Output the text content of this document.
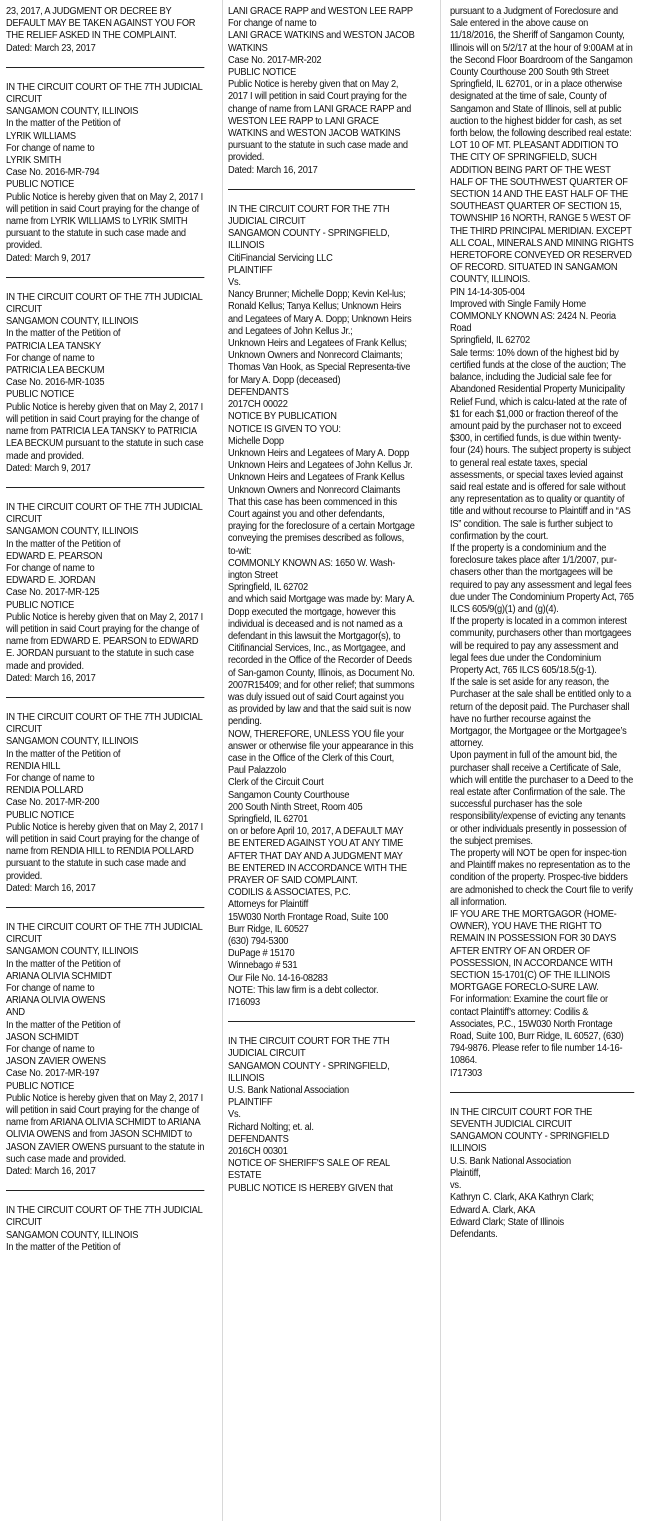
23, 2017, A JUDGMENT OR DECREE BY DEFAULT MAY BE TAKEN AGAINST YOU FOR THE RELIEF ASKED IN THE COMPLAINT.
Dated: March 23, 2017
IN THE CIRCUIT COURT OF THE 7TH JUDICIAL CIRCUIT
SANGAMON COUNTY, ILLINOIS
In the matter of the Petition of
LYRIK WILLIAMS
For change of name to
LYRIK SMITH
Case No. 2016-MR-794
PUBLIC NOTICE
Public Notice is hereby given that on May 2, 2017 I will petition in said Court praying for the change of name from LYRIK WILLIAMS to LYRIK SMITH pursuant to the statute in such case made and provided.
Dated: March 9, 2017
IN THE CIRCUIT COURT OF THE 7TH JUDICIAL CIRCUIT
SANGAMON COUNTY, ILLINOIS
In the matter of the Petition of
PATRICIA LEA TANSKY
For change of name to
PATRICIA LEA BECKUM
Case No. 2016-MR-1035
PUBLIC NOTICE
Public Notice is hereby given that on May 2, 2017 I will petition in said Court praying for the change of name from PATRICIA LEA TANSKY to PATRICIA LEA BECKUM pursuant to the statute in such case made and provided.
Dated: March 9, 2017
IN THE CIRCUIT COURT OF THE 7TH JUDICIAL CIRCUIT
SANGAMON COUNTY, ILLINOIS
In the matter of the Petition of
EDWARD E. PEARSON
For change of name to
EDWARD E. JORDAN
Case No. 2017-MR-125
PUBLIC NOTICE
Public Notice is hereby given that on May 2, 2017 I will petition in said Court praying for the change of name from EDWARD E. PEARSON to EDWARD E. JORDAN pursuant to the statute in such case made and provided.
Dated: March 16, 2017
IN THE CIRCUIT COURT OF THE 7TH JUDICIAL CIRCUIT
SANGAMON COUNTY, ILLINOIS
In the matter of the Petition of
RENDIA HILL
For change of name to
RENDIA POLLARD
Case No. 2017-MR-200
PUBLIC NOTICE
Public Notice is hereby given that on May 2, 2017 I will petition in said Court praying for the change of name from RENDIA HILL to RENDIA POLLARD pursuant to the statute in such case made and provided.
Dated: March 16, 2017
IN THE CIRCUIT COURT OF THE 7TH JUDICIAL CIRCUIT
SANGAMON COUNTY, ILLINOIS
In the matter of the Petition of
ARIANA OLIVIA SCHMIDT
For change of name to
ARIANA OLIVIA OWENS
AND
In the matter of the Petition of
JASON SCHMIDT
For change of name to
JASON ZAVIER OWENS
Case No. 2017-MR-197
PUBLIC NOTICE
Public Notice is hereby given that on May 2, 2017 I will petition in said Court praying for the change of name from ARIANA OLIVIA SCHMIDT to ARIANA OLIVIA OWENS and from JASON SCHMIDT to JASON ZAVIER OWENS pursuant to the statute in such case made and provided.
Dated: March 16, 2017
IN THE CIRCUIT COURT OF THE 7TH JUDICIAL CIRCUIT
SANGAMON COUNTY, ILLINOIS
In the matter of the Petition of
LANI GRACE RAPP and WESTON LEE RAPP
For change of name to
LANI GRACE WATKINS and WESTON JACOB WATKINS
Case No. 2017-MR-202
PUBLIC NOTICE
Public Notice is hereby given that on May 2, 2017 I will petition in said Court praying for the change of name from LANI GRACE RAPP and WESTON LEE RAPP to LANI GRACE WATKINS and WESTON JACOB WATKINS pursuant to the statute in such case made and provided.
Dated: March 16, 2017
IN THE CIRCUIT COURT FOR THE 7TH JUDICIAL CIRCUIT
SANGAMON COUNTY - SPRINGFIELD, ILLINOIS
CitiFinancial Servicing LLC
PLAINTIFF
Vs.
Nancy Brunner; Michelle Dopp; Kevin Kel-lus; Ronald Kellus; Tanya Kellus; Unknown Heirs and Legatees of Mary A. Dopp; Unknown Heirs and Legatees of John Kellus Jr.;
Unknown Heirs and Legatees of Frank Kellus; Unknown Owners and Nonrecord Claimants;
Thomas Van Hook, as Special Representa-tive for Mary A. Dopp (deceased)
DEFENDANTS
2017CH 00022
NOTICE BY PUBLICATION
NOTICE IS GIVEN TO YOU:
Michelle Dopp
Unknown Heirs and Legatees of Mary A. Dopp
Unknown Heirs and Legatees of John Kellus Jr.
Unknown Heirs and Legatees of Frank Kellus
Unknown Owners and Nonrecord Claimants
That this case has been commenced in this Court against you and other defendants, praying for the foreclosure of a certain Mortgage conveying the premises described as follows, to-wit:
COMMONLY KNOWN AS: 1650 W. Wash-ington Street
Springfield, IL 62702
and which said Mortgage was made by: Mary A. Dopp executed the mortgage, however this individual is deceased and is not named as a defendant in this lawsuit the Mortgagor(s), to Citifinancial Services, Inc., as Mortgagee, and recorded in the Office of the Recorder of Deeds of San-gamon County, Illinois, as Document No. 2007R15409; and for other relief; that summons was duly issued out of said Court against you as provided by law and that the said suit is now pending.
NOW, THEREFORE, UNLESS YOU file your answer or otherwise file your appearance in this case in the Office of the Clerk of this Court,
Paul Palazzolo
Clerk of the Circuit Court
Sangamon County Courthouse
200 South Ninth Street, Room 405
Springfield, IL 62701
on or before April 10, 2017, A DEFAULT MAY BE ENTERED AGAINST YOU AT ANY TIME AFTER THAT DAY AND A JUDGMENT MAY BE ENTERED IN ACCORDANCE WITH THE PRAYER OF SAID COMPLAINT.
CODILIS & ASSOCIATES, P.C.
Attorneys for Plaintiff
15W030 North Frontage Road, Suite 100
Burr Ridge, IL 60527
(630) 794-5300
DuPage # 15170
Winnebago # 531
Our File No. 14-16-08283
NOTE: This law firm is a debt collector.
I716093
IN THE CIRCUIT COURT FOR THE 7TH JUDICIAL CIRCUIT
SANGAMON COUNTY - SPRINGFIELD, ILLINOIS
U.S. Bank National Association
PLAINTIFF
Vs.
Richard Nolting; et. al.
DEFENDANTS
2016CH 00301
NOTICE OF SHERIFF'S SALE OF REAL ESTATE
PUBLIC NOTICE IS HEREBY GIVEN that
pursuant to a Judgment of Foreclosure and Sale entered in the above cause on 11/18/2016, the Sheriff of Sangamon County, Illinois will on 5/2/17 at the hour of 9:00AM at in the Second Floor Boardroom of the Sangamon County Courthouse 200 South 9th Street Springfield, IL 62701, or in a place otherwise designated at the time of sale, County of Sangamon and State of Illinois, sell at public auction to the highest bidder for cash, as set forth below, the following described real estate:
LOT 10 OF MT. PLEASANT ADDITION TO THE CITY OF SPRINGFIELD, SUCH ADDITION BEING PART OF THE WEST HALF OF THE SOUTHWEST QUARTER OF SECTION 14 AND THE EAST HALF OF THE SOUTHEAST QUARTER OF SECTION 15, TOWNSHIP 16 NORTH, RANGE 5 WEST OF THE THIRD PRINCIPAL MERIDIAN. EXCEPT ALL COAL, MINERALS AND MINING RIGHTS HERETOFORE CONVEYED OR RESERVED OF RECORD. SITUATED IN SANGAMON COUNTY, ILLINOIS.
PIN 14-14-305-004
Improved with Single Family Home
COMMONLY KNOWN AS: 2424 N. Peoria Road
Springfield, IL 62702
Sale terms: 10% down of the highest bid by certified funds at the close of the auction; The balance, including the Judicial sale fee for Abandoned Residential Property Municipality Relief Fund, which is calcu-lated at the rate of $1 for each $1,000 or fraction thereof of the amount paid by the purchaser not to exceed $300, in certified funds, is due within twenty-four (24) hours. The subject property is subject to general real estate taxes, special assessments, or special taxes levied against said real estate and is offered for sale without any representation as to quality or quantity of title and without recourse to Plaintiff and in “AS IS” condition. The sale is further subject to confirmation by the court.
If the property is a condominium and the foreclosure takes place after 1/1/2007, pur-chasers other than the mortgagees will be required to pay any assessment and legal fees due under The Condominium Property Act, 765 ILCS 605/9(g)(1) and (g)(4).
If the property is located in a common interest community, purchasers other than mortgagees will be required to pay any assessment and legal fees due under the Condominium Property Act, 765 ILCS 605/18.5(g-1).
If the sale is set aside for any reason, the Purchaser at the sale shall be entitled only to a return of the deposit paid. The Purchaser shall have no further recourse against the Mortgagor, the Mortgagee or the Mortgagee’s attorney.
Upon payment in full of the amount bid, the purchaser shall receive a Certificate of Sale, which will entitle the purchaser to a Deed to the real estate after Confirmation of the sale. The successful purchaser has the sole responsibility/expense of evicting any tenants or other individuals presently in possession of the subject premises.
The property will NOT be open for inspec-tion and Plaintiff makes no representation as to the condition of the property. Prospec-tive bidders are admonished to check the Court file to verify all information.
IF YOU ARE THE MORTGAGOR (HOME-OWNER), YOU HAVE THE RIGHT TO REMAIN IN POSSESSION FOR 30 DAYS AFTER ENTRY OF AN ORDER OF POSSESSION, IN ACCORDANCE WITH SECTION 15-1701(C) OF THE ILLINOIS MORTGAGE FORECLO-SURE LAW.
For information: Examine the court file or contact Plaintiff’s attorney: Codilis & Associates, P.C., 15W030 North Frontage Road, Suite 100, Burr Ridge, IL 60527, (630) 794-9876. Please refer to file number 14-16-10864.
I717303
IN THE CIRCUIT COURT FOR THE SEVENTH JUDICIAL CIRCUIT
SANGAMON COUNTY - SPRINGFIELD ILLINOIS
U.S. Bank National Association
Plaintiff,
vs.
Kathryn C. Clark, AKA Kathryn Clark;
Edward A. Clark, AKA
Edward Clark; State of Illinois
Defendants.
